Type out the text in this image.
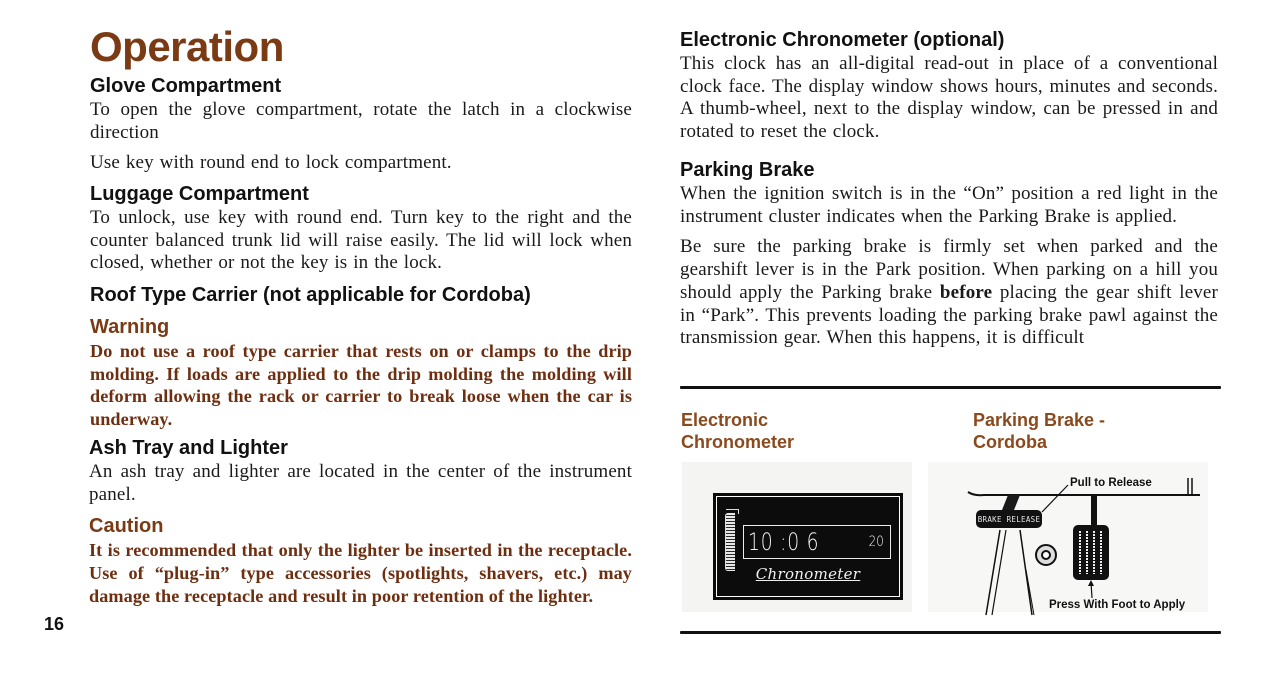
Operation
Glove Compartment

To open the glove compartment, rotate the latch in a clockwise direction

Use key with round end to lock compartment.

Luggage Compartment

To unlock, use key with round end. Turn key to the right and the counter balanced trunk lid will raise easily. The lid will lock when closed, whether or not the key is in the lock.

Roof Type Carrier (not applicable for Cordoba)
Warning

Do not use a roof type carrier that rests on or clamps to the drip molding. If loads are applied to the drip molding the molding will deform allowing the rack or carrier to break loose when the car is underway.

Ash Tray and Lighter

An ash tray and lighter are located in the center of the instrument panel.

Caution

It is recommended that only the lighter be inserted in the receptacle. Use of “plug-in” type accessories (spotlights, shavers, etc.) may damage the receptacle and result in poor retention of the lighter.

16
Electronic Chronometer (optional)

This clock has an all-digital read-out in place of a conventional clock face. The display window shows hours, minutes and seconds. A thumb-wheel, next to the display window, can be pressed in and rotated to reset the clock.

Parking Brake

When the ignition switch is in the “On” position a red light in the instrument cluster indicates when the Parking Brake is applied.

Be sure the parking brake is firmly set when parked and the gearshift lever is in the Park position. When parking on a hill you should apply the Parking brake before placing the gear shift lever in “Park”. This prevents loading the parking brake pawl against the transmission gear. When this happens, it is difficult

Electronic
Chronometer
10 :0 6	20
Chronometer
Parking Brake -
Cordoba
BRAKE RELEASE
Pull to Release
Press With Foot to Apply
